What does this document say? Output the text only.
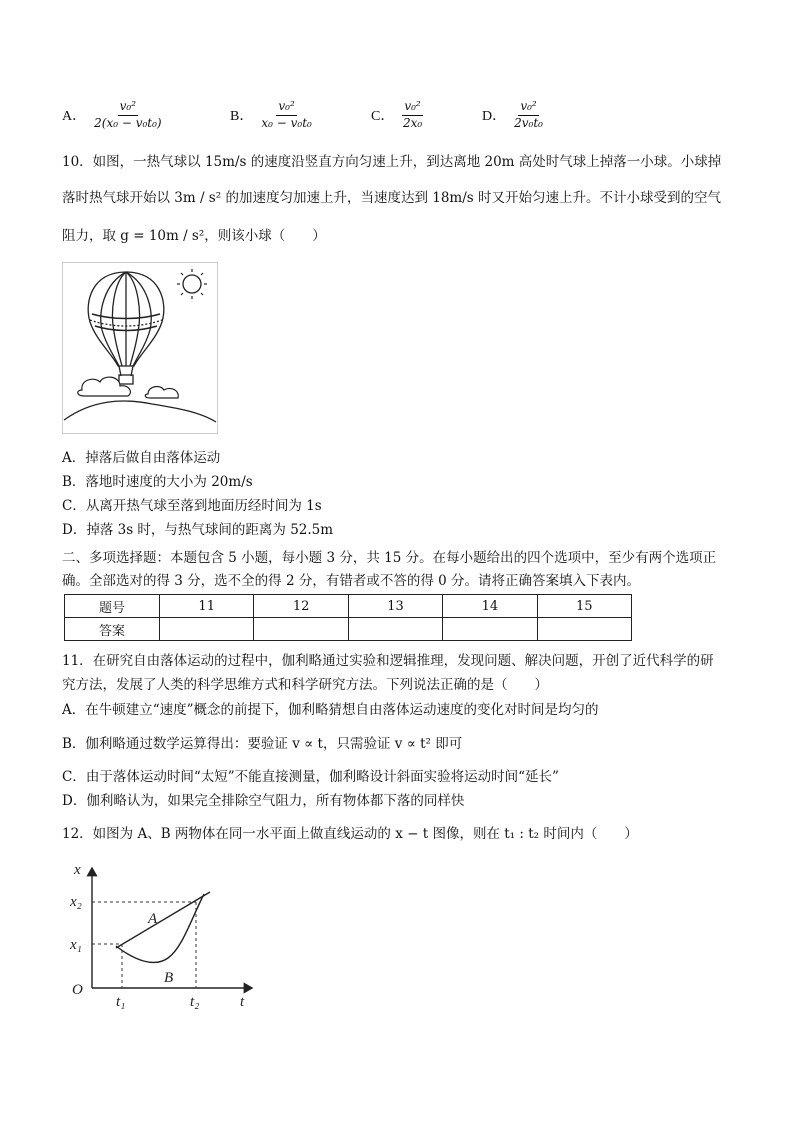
A． $\frac{\text{v₀²}}{\text{2(x₀ − v₀t₀)}}$	B． $\frac{\text{v₀²}}{\text{x₀ − v₀t₀}}$	C． $\frac{\text{v₀²}}{\text{2x₀}}$	D． $\frac{\text{v₀²}}{\text{2v₀t₀}}$
10．如图，一热气球以 15m/s 的速度沿竖直方向匀速上升，到达离地 20m 高处时气球上掉落一小球。小球掉
落时热气球开始以 3m / s² 的加速度匀加速上升，当速度达到 18m/s 时又开始匀速上升。不计小球受到的空气
阻力，取 g = 10m / s²，则该小球（　　）
A．掉落后做自由落体运动
B．落地时速度的大小为 20m/s
C．从离开热气球至落到地面历经时间为 1s
D．掉落 3s 时，与热气球间的距离为 52.5m
二、多项选择题：本题包含 5 小题，每小题 3 分，共 15 分。在每小题给出的四个选项中，至少有两个选项正
确。全部选对的得 3 分，选不全的得 2 分，有错者或不答的得 0 分。请将正确答案填入下表内。
题号	11	12	13	14	15
答案					
11．在研究自由落体运动的过程中，伽利略通过实验和逻辑推理，发现问题、解决问题，开创了近代科学的研
究方法，发展了人类的科学思维方式和科学研究方法。下列说法正确的是（　　）
A．在牛顿建立“速度”概念的前提下，伽利略猜想自由落体运动速度的变化对时间是均匀的
B．伽利略通过数学运算得出：要验证 v ∝ t，只需验证 v ∝ t² 即可
C．由于落体运动时间“太短”不能直接测量，伽利略设计斜面实验将运动时间“延长”
D．伽利略认为，如果完全排除空气阻力，所有物体都下落的同样快
12．如图为 A、B 两物体在同一水平面上做直线运动的 x − t 图像，则在 t₁ : t₂ 时间内（　　）
x
x₂
x₁
t
t₁	t₂
O
A
B
